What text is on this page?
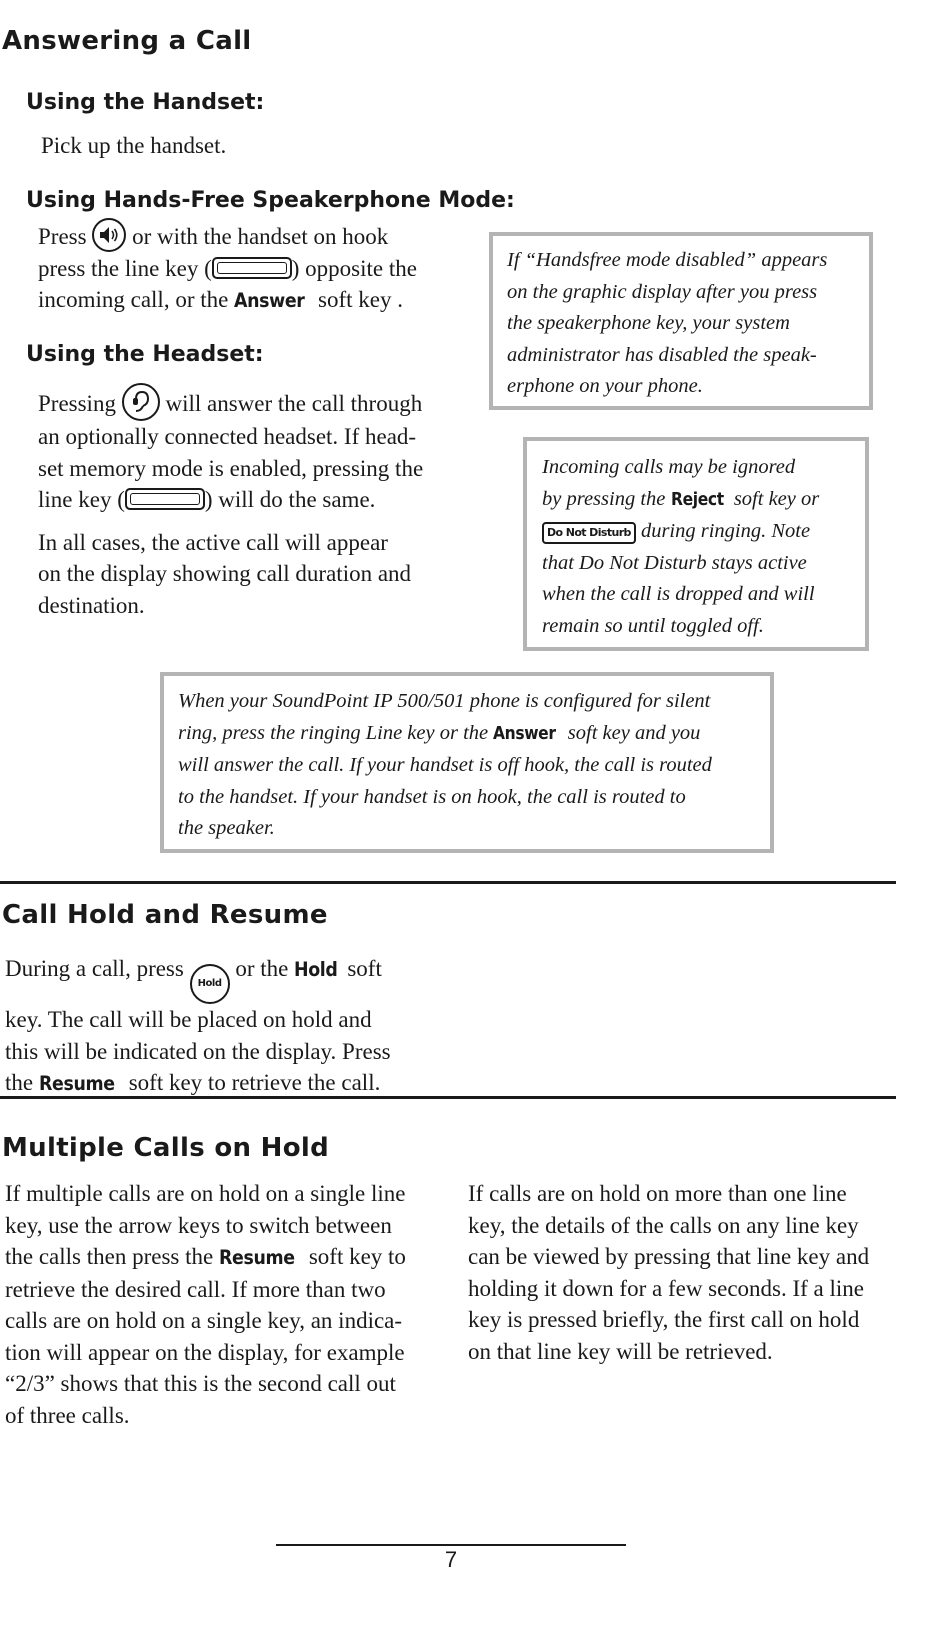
Answering a Call
Using the Handset:
Pick up the handset.
Using Hands-Free Speakerphone Mode:
Press or with the handset on hook
press the line key (	) opposite the
incoming call, or the Answer soft key .
Using the Headset:
Pressing will answer the call through
an optionally connected headset. If head-
set memory mode is enabled, pressing the
line key (	) will do the same.
In all cases, the active call will appear
on the display showing call duration and
destination.
If “Handsfree mode disabled” appears
on the graphic display after you press
the speakerphone key, your system
administrator has disabled the speak-
erphone on your phone.
Incoming calls may be ignored
by pressing the Reject soft key or
Do Not Disturb during ringing. Note
that Do Not Disturb stays active
when the call is dropped and will
remain so until toggled off.
When your SoundPoint IP 500/501 phone is configured for silent
ring, press the ringing Line key or the Answer soft key and you
will answer the call. If your handset is off hook, the call is routed
to the handset. If your handset is on hook, the call is routed to
the speaker.
Call Hold and Resume
During a call, press Hold or the Hold soft
key. The call will be placed on hold and
this will be indicated on the display. Press
the Resume soft key to retrieve the call.
Multiple Calls on Hold
If multiple calls are on hold on a single line
key, use the arrow keys to switch between
the calls then press the Resume soft key to
retrieve the desired call. If more than two
calls are on hold on a single key, an indica-
tion will appear on the display, for example
“2/3” shows that this is the second call out
of three calls.
If calls are on hold on more than one line
key, the details of the calls on any line key
can be viewed by pressing that line key and
holding it down for a few seconds. If a line
key is pressed briefly, the first call on hold
on that line key will be retrieved.
7
